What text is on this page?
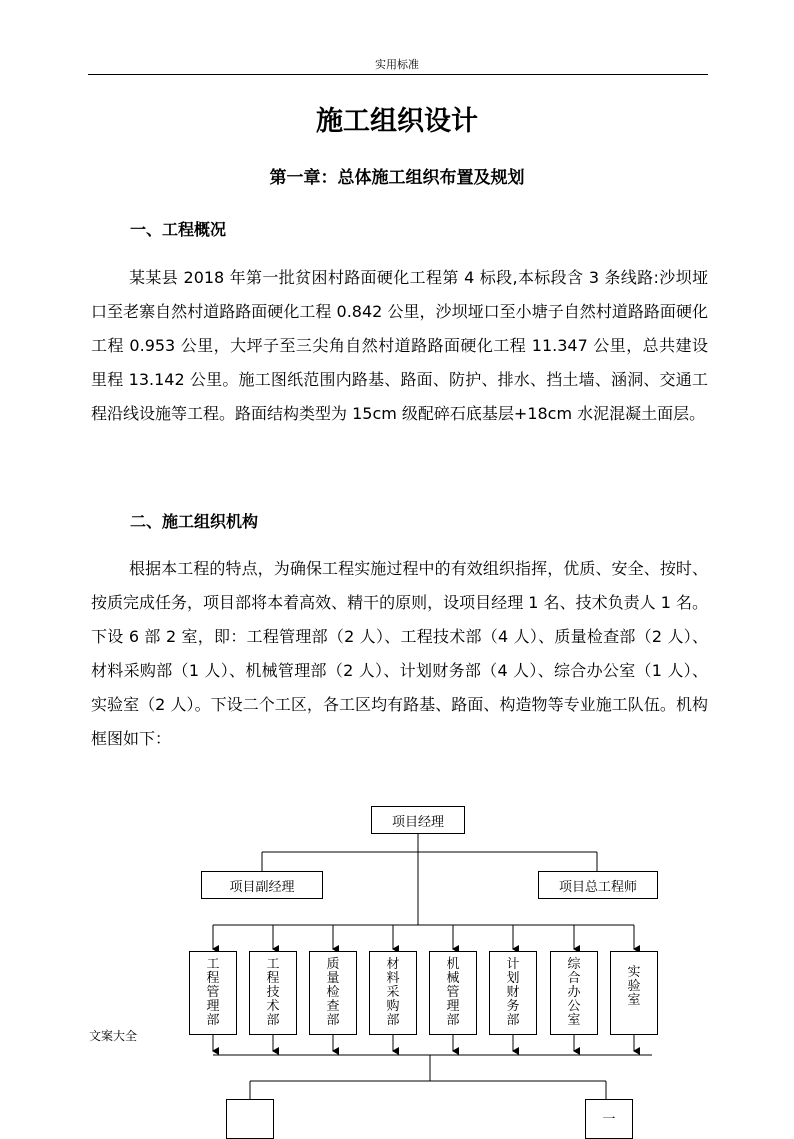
实用标准
施工组织设计
第一章：总体施工组织布置及规划
一、工程概况

某某县 2018 年第一批贫困村路面硬化工程第 4 标段,本标段含 3 条线路:沙坝垭口至老寨自然村道路路面硬化工程 0.842 公里，沙坝垭口至小塘子自然村道路路面硬化工程 0.953 公里，大坪子至三尖角自然村道路路面硬化工程 11.347 公里，总共建设里程 13.142 公里。施工图纸范围内路基、路面、防护、排水、挡土墙、涵洞、交通工程沿线设施等工程。路面结构类型为 15cm 级配碎石底基层+18cm 水泥混凝土面层。

二、施工组织机构

根据本工程的特点，为确保工程实施过程中的有效组织指挥，优质、安全、按时、按质完成任务，项目部将本着高效、精干的原则，设项目经理 1 名、技术负责人 1 名。下设 6 部 2 室，即：工程管理部（2 人）、工程技术部（4 人）、质量检查部（2 人）、材料采购部（1 人）、机械管理部（2 人）、计划财务部（4 人）、综合办公室（1 人）、实验室（2 人）。下设二个工区，各工区均有路基、路面、构造物等专业施工队伍。机构框图如下：

项目经理
项目副经理	项目总工程师
工程管理部
工程技术部
质量检查部
材料采购部
机械管理部
计划财务部
综合办公室
实验室
一
文案大全
